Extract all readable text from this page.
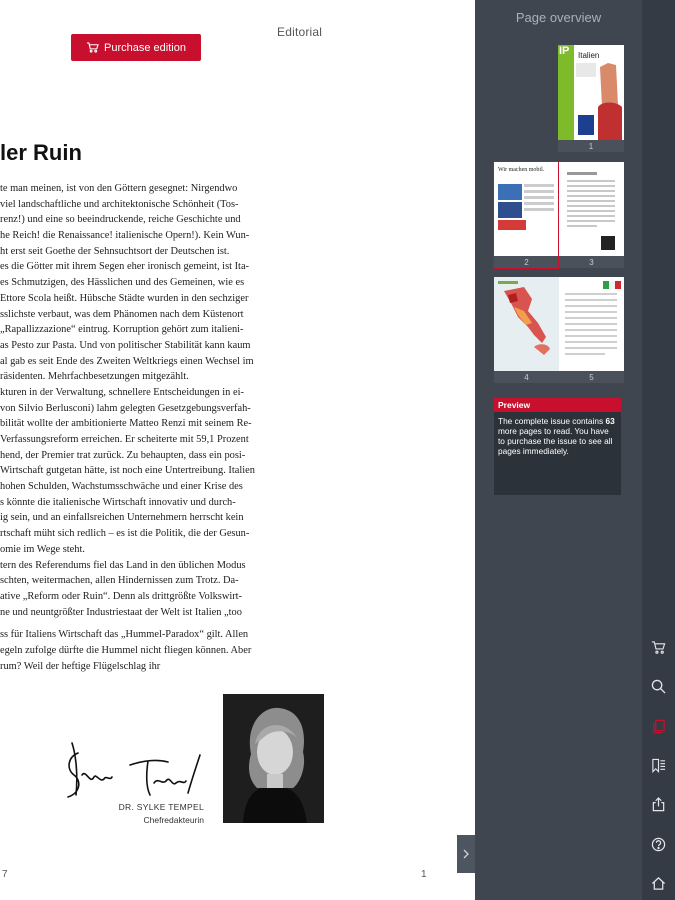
Editorial
Purchase edition
ler Ruin
te man meinen, ist von den Göttern gesegnet: Nirgendwo
viel landschaftliche und architektonische Schönheit (Tos-
renz!) und eine so beeindruckende, reiche Geschichte und
he Reich! die Renaissance! italienische Opern!). Kein Wun-
ht erst seit Goethe der Sehnsuchtsort der Deutschen ist.
es die Götter mit ihrem Segen eher ironisch gemeint, ist Ita-
es Schmutzigen, des Hässlichen und des Gemeinen, wie es
Ettore Scola heißt. Hübsche Städte wurden in den sechziger
sslichste verbaut, was dem Phänomen nach dem Küstenort
„Rapallizzazione“ eintrug. Korruption gehört zum italieni-
as Pesto zur Pasta. Und von politischer Stabilität kann kaum
al gab es seit Ende des Zweiten Weltkriegs einen Wechsel im
räsidenten. Mehrfachbesetzungen mitgezählt.
kturen in der Verwaltung, schnellere Entscheidungen in ei-
von Silvio Berlusconi) lahm gelegten Gesetzgebungsverfah-
bilität wollte der ambitionierte Matteo Renzi mit seinem Re-
Verfassungsreform erreichen. Er scheiterte mit 59,1 Prozent
hend, der Premier trat zurück. Zu behaupten, dass ein posi-
Wirtschaft gutgetan hätte, ist noch eine Untertreibung. Italien
hohen Schulden, Wachstumsschwäche und einer Krise des
s könnte die italienische Wirtschaft innovativ und durch-
ig sein, und an einfallsreichen Unternehmern herrscht kein
rtschaft müht sich redlich – es ist die Politik, die der Gesun-
omie im Wege steht.
tern des Referendums fiel das Land in den üblichen Modus
schten, weitermachen, allen Hindernissen zum Trotz. Da-
ative „Reform oder Ruin“. Denn als drittgrößte Volkswirt-
ne und neuntgrößter Industriestaat der Welt ist Italien „too
ss für Italiens Wirtschaft das „Hummel-Paradox“ gilt. Allen
egeln zufolge dürfte die Hummel nicht fliegen können. Aber
rum? Weil der heftige Flügelschlag ihr
DR. SYLKE TEMPEL
Chefredakteurin
7	1
Page overview
IP Italien
1
Wir machen mobil.
2	3
4	5
Preview
The complete issue contains 63 more pages to read. You have to purchase the issue to see all pages immediately.
